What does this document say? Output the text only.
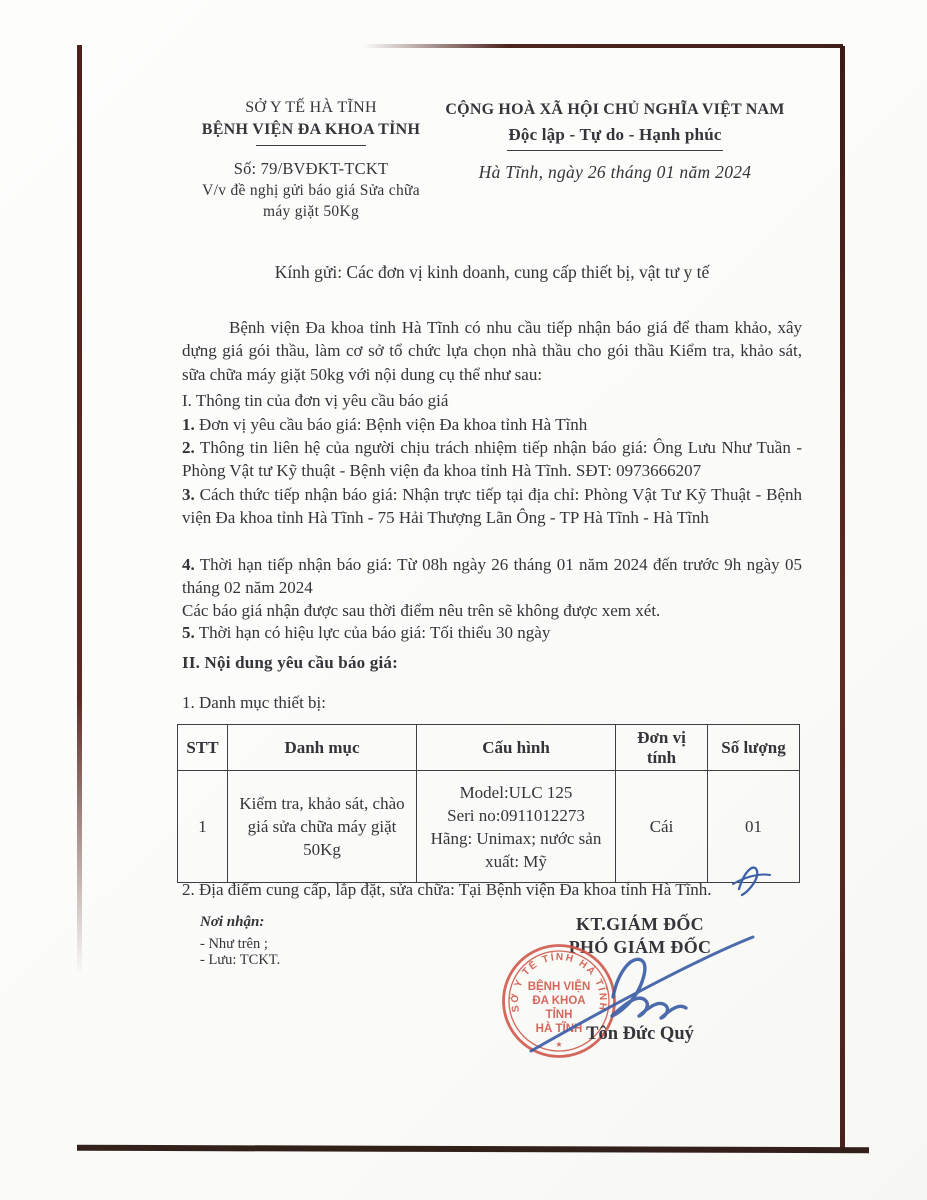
SỞ Y TẾ HÀ TĨNH
BỆNH VIỆN ĐA KHOA TỈNH
Số: 79/BVĐKT-TCKT
V/v đề nghị gửi báo giá Sửa chữa
máy giặt 50Kg
CỘNG HOÀ XÃ HỘI CHỦ NGHĨA VIỆT NAM
Độc lập - Tự do - Hạnh phúc
Hà Tĩnh, ngày 26 tháng 01 năm 2024
Kính gửi: Các đơn vị kinh doanh, cung cấp thiết bị, vật tư y tế
Bệnh viện Đa khoa tỉnh Hà Tĩnh có nhu cầu tiếp nhận báo giá để tham khảo, xây dựng giá gói thầu, làm cơ sở tổ chức lựa chọn nhà thầu cho gói thầu Kiểm tra, khảo sát, sữa chữa máy giặt 50kg với nội dung cụ thể như sau:
I. Thông tin của đơn vị yêu cầu báo giá
1. Đơn vị yêu cầu báo giá: Bệnh viện Đa khoa tỉnh Hà Tĩnh
2. Thông tin liên hệ của người chịu trách nhiệm tiếp nhận báo giá: Ông Lưu Như Tuần - Phòng Vật tư Kỹ thuật - Bệnh viện đa khoa tỉnh Hà Tĩnh. SĐT: 0973666207
3. Cách thức tiếp nhận báo giá: Nhận trực tiếp tại địa chỉ: Phòng Vật Tư Kỹ Thuật - Bệnh viện Đa khoa tỉnh Hà Tĩnh - 75 Hải Thượng Lãn Ông - TP Hà Tĩnh - Hà Tĩnh
4. Thời hạn tiếp nhận báo giá: Từ 08h ngày 26 tháng 01 năm 2024 đến trước 9h ngày 05 tháng 02 năm 2024
Các báo giá nhận được sau thời điểm nêu trên sẽ không được xem xét.
5. Thời hạn có hiệu lực của báo giá: Tối thiểu 30 ngày
II. Nội dung yêu cầu báo giá:
1. Danh mục thiết bị:
STT	Danh mục	Cấu hình	Đơn vị tính	Số lượng
1	Kiểm tra, khảo sát, chào giá sửa chữa máy giặt 50Kg	Model:ULC 125
Seri no:0911012273
Hãng: Unimax; nước sản xuất: Mỹ	Cái	01
2. Địa điểm cung cấp, lắp đặt, sửa chữa: Tại Bệnh viện Đa khoa tỉnh Hà Tĩnh.
Nơi nhận:
- Như trên ;
- Lưu: TCKT.
KT.GIÁM ĐỐC
PHÓ GIÁM ĐỐC
SỞ Y TẾ TỈNH HÀ TĨNH
BỆNH VIỆN
ĐA KHOA
TỈNH
HÀ TĨNH
★
Tôn Đức Quý
